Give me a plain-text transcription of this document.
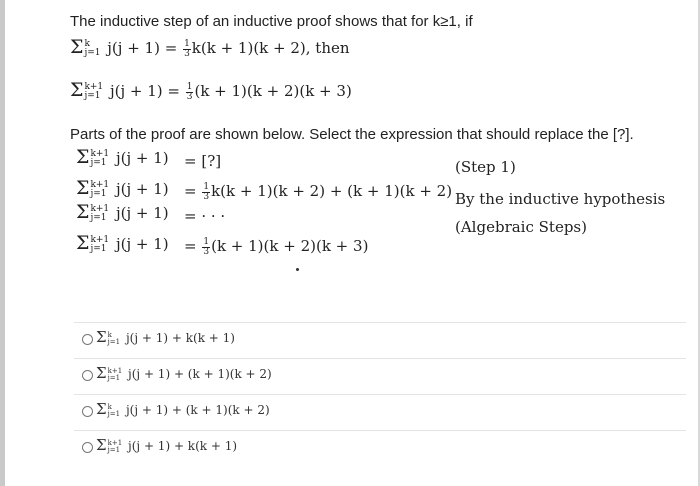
The inductive step of an inductive proof shows that for k≥1, if
Σ k
j=1 $j(j + 1) = \frac{1}{3} k(k + 1)(k + 2)$, then
Σ k+1
j=1 $j(j + 1) = \frac{1}{3} (k + 1)(k + 2)(k + 3)$
Parts of the proof are shown below. Select the expression that should replace the [?].
Σ k+1
j=1 j(j + 1) = [?]	(Step 1)
Σ k+1
j=1 $j(j + 1) = \frac{1}{3} k(k + 1)(k + 2) + (k + 1)(k + 2)$ By the inductive hypothesis
Σ k+1
j=1 j(j + 1) = · · ·
(Algebraic Steps)
Σ k+1
j=1 $j(j + 1) = \frac{1}{3} (k + 1)(k + 2)(k + 3)$
Σ k
j=1 j(j + 1) + k(k + 1)
Σ k+1
j=1 j(j + 1) + (k + 1)(k + 2)
Σ k
j=1 j(j + 1) + (k + 1)(k + 2)
Σ k+1
j=1 j(j + 1) + k(k + 1)
